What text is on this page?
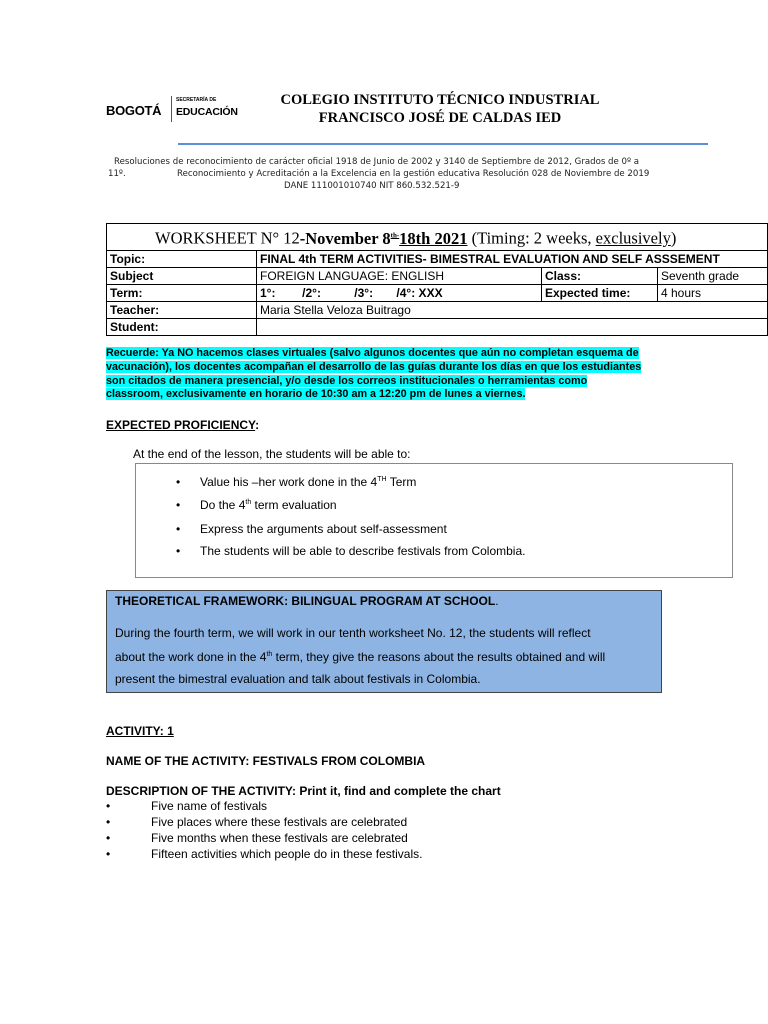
BOGOTÁ
SECRETARÍA DE
EDUCACIÓN
COLEGIO INSTITUTO TÉCNICO INDUSTRIAL
FRANCISCO JOSÉ DE CALDAS IED
Resoluciones de reconocimiento de carácter oficial 1918 de Junio de 2002 y 3140 de Septiembre de 2012, Grados de 0º a
11º.	Reconocimiento y Acreditación a la Excelencia en la gestión educativa Resolución 028 de Noviembre de 2019
DANE 111001010740 NIT 860.532.521-9
WORKSHEET N° 12-November $8^{th-}18th$ 2021 (Timing: 2 weeks, exclusively)			
Topic:	FINAL 4th TERM ACTIVITIES- BIMESTRAL EVALUATION AND SELF ASSSEMENT		
Subject	FOREIGN LANGUAGE: ENGLISH	Class:	Seventh grade
Term:	1°:        /2°:          /3°:       /4°: XXX	Expected time:	4 hours
Teacher:	Maria Stella Veloza Buitrago		
Student:			
Recuerde: Ya NO hacemos clases virtuales (salvo algunos docentes que aún no completan esquema de
vacunación), los docentes acompañan el desarrollo de las guías durante los días en que los estudiantes
son citados de manera presencial, y/o desde los correos institucionales o herramientas como
classroom, exclusivamente en horario de 10:30 am a 12:20 pm de lunes a viernes.
EXPECTED PROFICIENCY:
At the end of the lesson, the students will be able to:
• Value his –her work done in the 4TH Term
• Do the 4th term evaluation
• Express the arguments about self-assessment
• The students will be able to describe festivals from Colombia.
THEORETICAL FRAMEWORK: BILINGUAL PROGRAM AT SCHOOL.
During the fourth term, we will work in our tenth worksheet No. 12, the students will reflect
about the work done in the 4th term, they give the reasons about the results obtained and will
present the bimestral evaluation and talk about festivals in Colombia.
ACTIVITY: 1
NAME OF THE ACTIVITY: FESTIVALS FROM COLOMBIA
DESCRIPTION OF THE ACTIVITY: Print it, find and complete the chart
• Five name of festivals
• Five places where these festivals are celebrated
• Five months when these festivals are celebrated
• Fifteen activities which people do in these festivals.
